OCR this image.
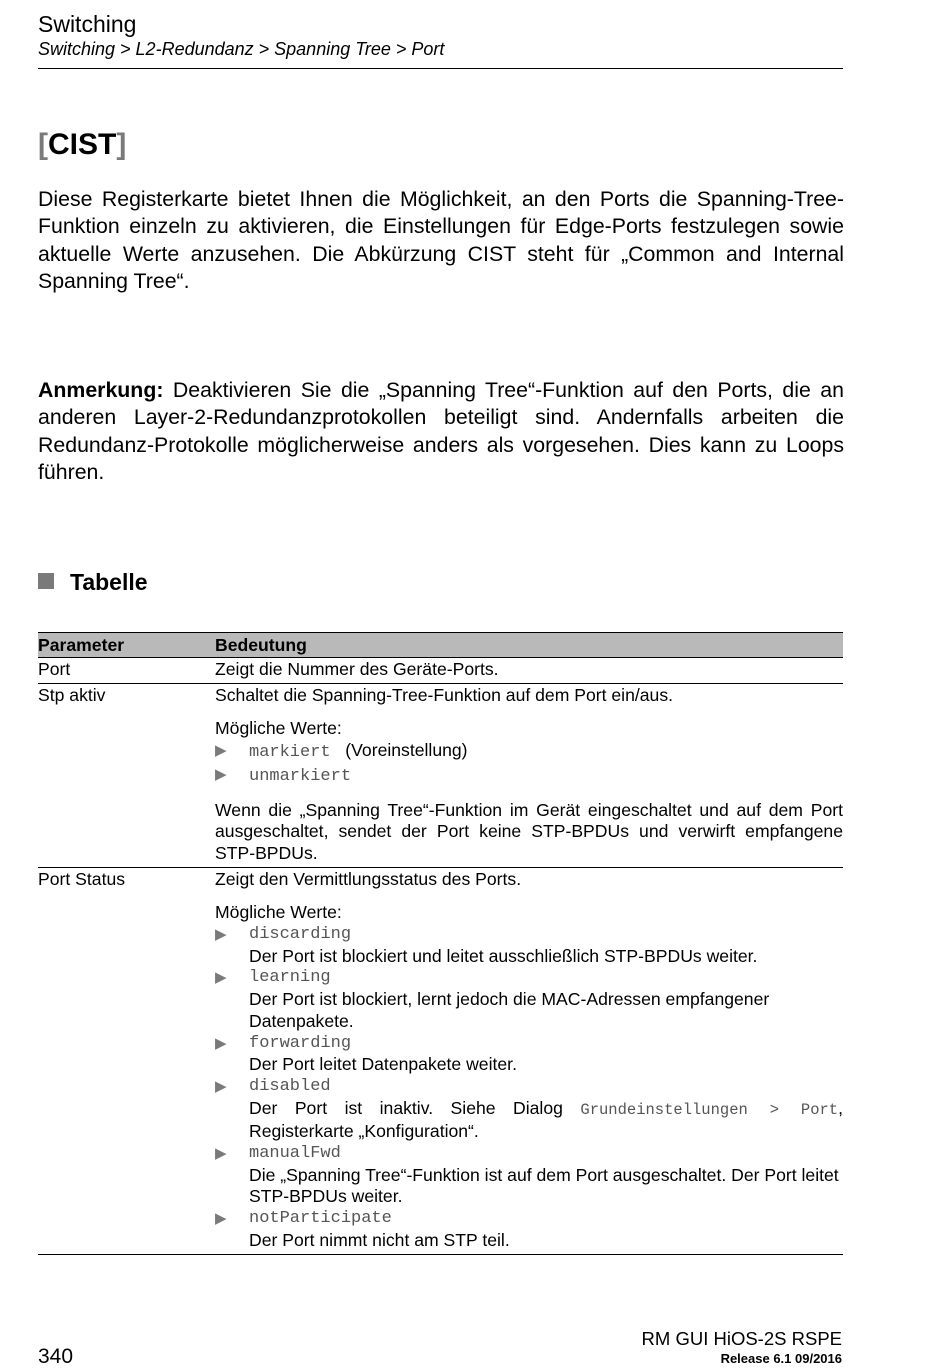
Switching
Switching > L2-Redundanz > Spanning Tree > Port
[CIST]
Diese Registerkarte bietet Ihnen die Möglichkeit, an den Ports die Spanning-Tree-Funktion einzeln zu aktivieren, die Einstellungen für Edge-Ports festzulegen sowie aktuelle Werte anzusehen. Die Abkürzung CIST steht für „Common and Internal Spanning Tree“.
Anmerkung: Deaktivieren Sie die „Spanning Tree“-Funktion auf den Ports, die an anderen Layer-2-Redundanzprotokollen beteiligt sind. Andernfalls arbeiten die Redundanz-Protokolle möglicherweise anders als vorgesehen. Dies kann zu Loops führen.
Tabelle
Parameter	Bedeutung
Port	Zeigt die Nummer des Geräte-Ports.
Stp aktiv	Schaltet die Spanning-Tree-Funktion auf dem Port ein/aus.
Mögliche Werte:
▶	markiert (Voreinstellung)
▶	unmarkiert
Wenn die „Spanning Tree“-Funktion im Gerät eingeschaltet und auf dem Port ausgeschaltet, sendet der Port keine STP-BPDUs und verwirft empfangene STP-BPDUs.
Port Status	Zeigt den Vermittlungsstatus des Ports.
Mögliche Werte:
▶	discarding
Der Port ist blockiert und leitet ausschließlich STP-BPDUs weiter.
▶	learning
Der Port ist blockiert, lernt jedoch die MAC-Adressen empfangener Datenpakete.
▶	forwarding
Der Port leitet Datenpakete weiter.
▶	disabled
Der Port ist inaktiv. Siehe Dialog Grundeinstellungen > Port, Registerkarte „Konfiguration“.
▶	manualFwd
Die „Spanning Tree“-Funktion ist auf dem Port ausgeschaltet. Der Port leitet STP-BPDUs weiter.
▶	notParticipate
Der Port nimmt nicht am STP teil.
340
RM GUI HiOS-2S RSPE
Release 6.1 09/2016
